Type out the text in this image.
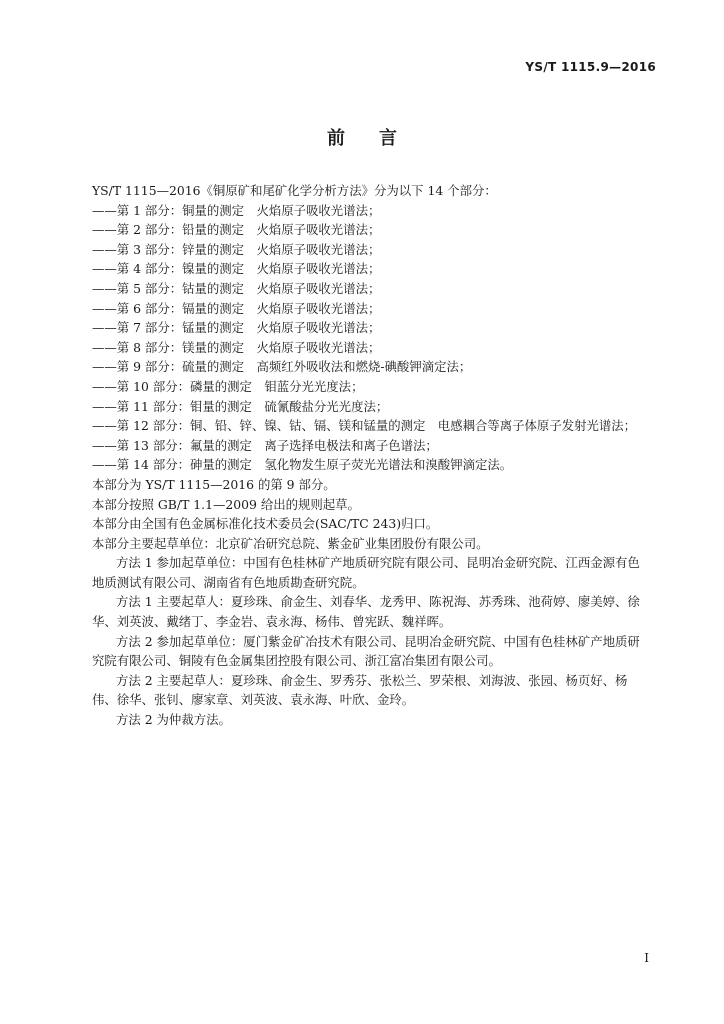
YS/T 1115.9—2016
前言

YS/T 1115—2016《铜原矿和尾矿化学分析方法》分为以下 14 个部分：

——第 1 部分：铜量的测定　火焰原子吸收光谱法；

——第 2 部分：铅量的测定　火焰原子吸收光谱法；

——第 3 部分：锌量的测定　火焰原子吸收光谱法；

——第 4 部分：镍量的测定　火焰原子吸收光谱法；

——第 5 部分：钴量的测定　火焰原子吸收光谱法；

——第 6 部分：镉量的测定　火焰原子吸收光谱法；

——第 7 部分：锰量的测定　火焰原子吸收光谱法；

——第 8 部分：镁量的测定　火焰原子吸收光谱法；

——第 9 部分：硫量的测定　高频红外吸收法和燃烧-碘酸钾滴定法；

——第 10 部分：磷量的测定　钼蓝分光光度法；

——第 11 部分：钼量的测定　硫氰酸盐分光光度法；

——第 12 部分：铜、铅、锌、镍、钴、镉、镁和锰量的测定　电感耦合等离子体原子发射光谱法；

——第 13 部分：氟量的测定　离子选择电极法和离子色谱法；

——第 14 部分：砷量的测定　氢化物发生原子荧光光谱法和溴酸钾滴定法。

本部分为 YS/T 1115—2016 的第 9 部分。

本部分按照 GB/T 1.1—2009 给出的规则起草。

本部分由全国有色金属标准化技术委员会(SAC/TC 243)归口。

本部分主要起草单位：北京矿冶研究总院、紫金矿业集团股份有限公司。

方法 1 参加起草单位：中国有色桂林矿产地质研究院有限公司、昆明冶金研究院、江西金源有色地质测试有限公司、湖南省有色地质勘查研究院。

方法 1 主要起草人：夏珍珠、俞金生、刘春华、龙秀甲、陈祝海、苏秀珠、池荷婷、廖美婷、徐华、刘英波、戴绪丁、李金岩、袁永海、杨伟、曾宪跃、魏祥晖。

方法 2 参加起草单位：厦门紫金矿冶技术有限公司、昆明冶金研究院、中国有色桂林矿产地质研究院有限公司、铜陵有色金属集团控股有限公司、浙江富冶集团有限公司。

方法 2 主要起草人：夏珍珠、俞金生、罗秀芬、张松兰、罗荣根、刘海波、张园、杨页好、杨伟、徐华、张钊、廖家章、刘英波、袁永海、叶欣、金玲。

方法 2 为仲裁方法。

I
